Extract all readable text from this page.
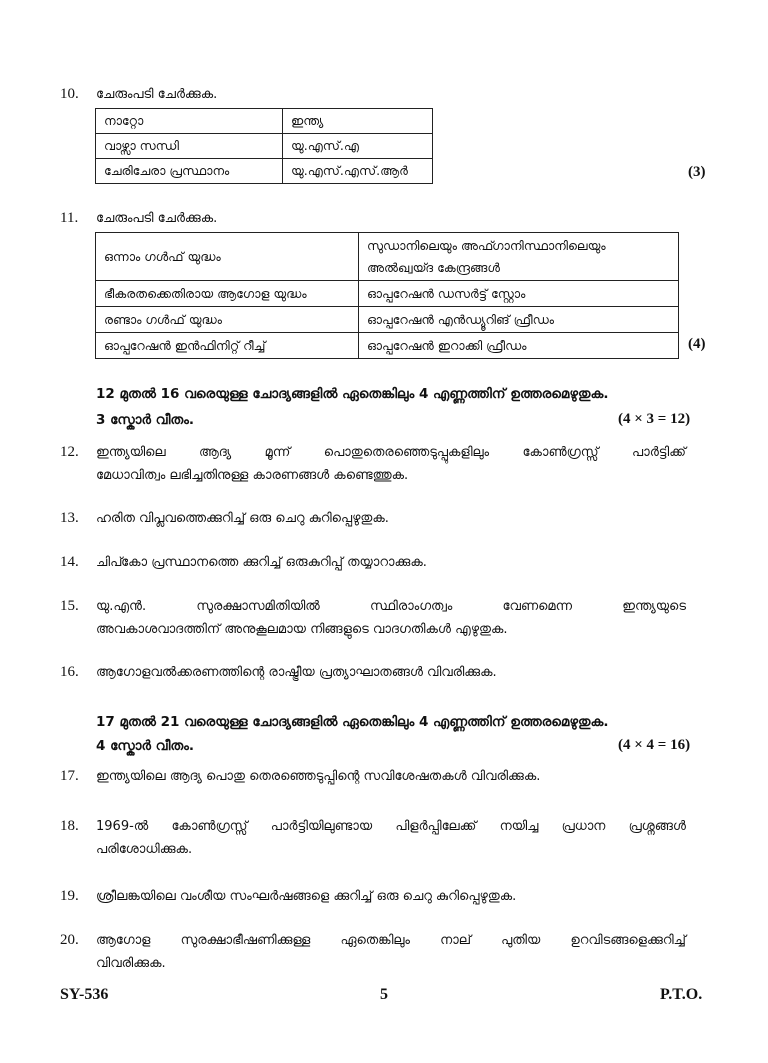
10. ചേരുംപടി ചേർക്കുക.
നാറ്റോ	ഇന്ത്യ
വാഴ്സാ സന്ധി	യു.എസ്.എ
ചേരിചേരാ പ്രസ്ഥാനം	യു.എസ്.എസ്.ആർ	(3)
11. ചേരുംപടി ചേർക്കുക.
ഒന്നാം ഗൾഫ് യുദ്ധം	സുഡാനിലെയും അഫ്ഗാനിസ്ഥാനിലെയും
അൽഖ്വയ്ദ കേന്ദ്രങ്ങൾ

ഭീകരതക്കെതിരായ ആഗോള യുദ്ധം	ഓപ്പറേഷൻ ഡസർട്ട് സ്റ്റോം
രണ്ടാം ഗൾഫ് യുദ്ധം	ഓപ്പറേഷൻ എൻഡ്യൂറിങ് ഫ്രീഡം
ഓപ്പറേഷൻ ഇൻഫിനിറ്റ് റീച്ച്	ഓപ്പറേഷൻ ഇറാക്കി ഫ്രീഡം	(4)
12 മുതൽ 16 വരെയുള്ള ചോദ്യങ്ങളിൽ ഏതെങ്കിലും 4 എണ്ണത്തിന് ഉത്തരമെഴുതുക.
3 സ്കോർ വീതം.	(4 × 3 = 12)
12. ഇന്ത്യയിലെ	ആദ്യ	മൂന്ന്	പൊതുതെരഞ്ഞെടുപ്പുകളിലും	കോൺഗ്രസ്സ്	പാർട്ടിക്ക്
മേധാവിത്വം ലഭിച്ചതിനുള്ള കാരണങ്ങൾ കണ്ടെത്തുക.
13. ഹരിത വിപ്ലവത്തെക്കുറിച്ച് ഒരു ചെറു കുറിപ്പെഴുതുക.
14. ചിപ്കോ പ്രസ്ഥാനത്തെ ക്കുറിച്ച് ഒരുകുറിപ്പ് തയ്യാറാക്കുക.
15. യു.എൻ.	സുരക്ഷാസമിതിയിൽ	സ്ഥിരാംഗത്വം	വേണമെന്ന	ഇന്ത്യയുടെ
അവകാശവാദത്തിന് അനുകൂലമായ നിങ്ങളുടെ വാദഗതികൾ എഴുതുക.
16. ആഗോളവൽക്കരണത്തിന്റെ രാഷ്ട്രീയ പ്രത്യാഘാതങ്ങൾ വിവരിക്കുക.
17 മുതൽ 21 വരെയുള്ള ചോദ്യങ്ങളിൽ ഏതെങ്കിലും 4 എണ്ണത്തിന് ഉത്തരമെഴുതുക.
4 സ്കോർ വീതം.	(4 × 4 = 16)
17. ഇന്ത്യയിലെ ആദ്യ പൊതു തെരഞ്ഞെടുപ്പിന്റെ സവിശേഷതകൾ വിവരിക്കുക.
18. 1969-ൽ കോൺഗ്രസ്സ് പാർട്ടിയിലുണ്ടായ പിളർപ്പിലേക്ക് നയിച്ച പ്രധാന പ്രശ്നങ്ങൾ
പരിശോധിക്കുക.
19. ശ്രീലങ്കയിലെ വംശീയ സംഘർഷങ്ങളെ ക്കുറിച്ച് ഒരു ചെറു കുറിപ്പെഴുതുക.
20. ആഗോള സുരക്ഷാഭീഷണിക്കുള്ള ഏതെങ്കിലും നാല് പുതിയ ഉറവിടങ്ങളെക്കുറിച്ച്
വിവരിക്കുക.
SY-536	5	P.T.O.
